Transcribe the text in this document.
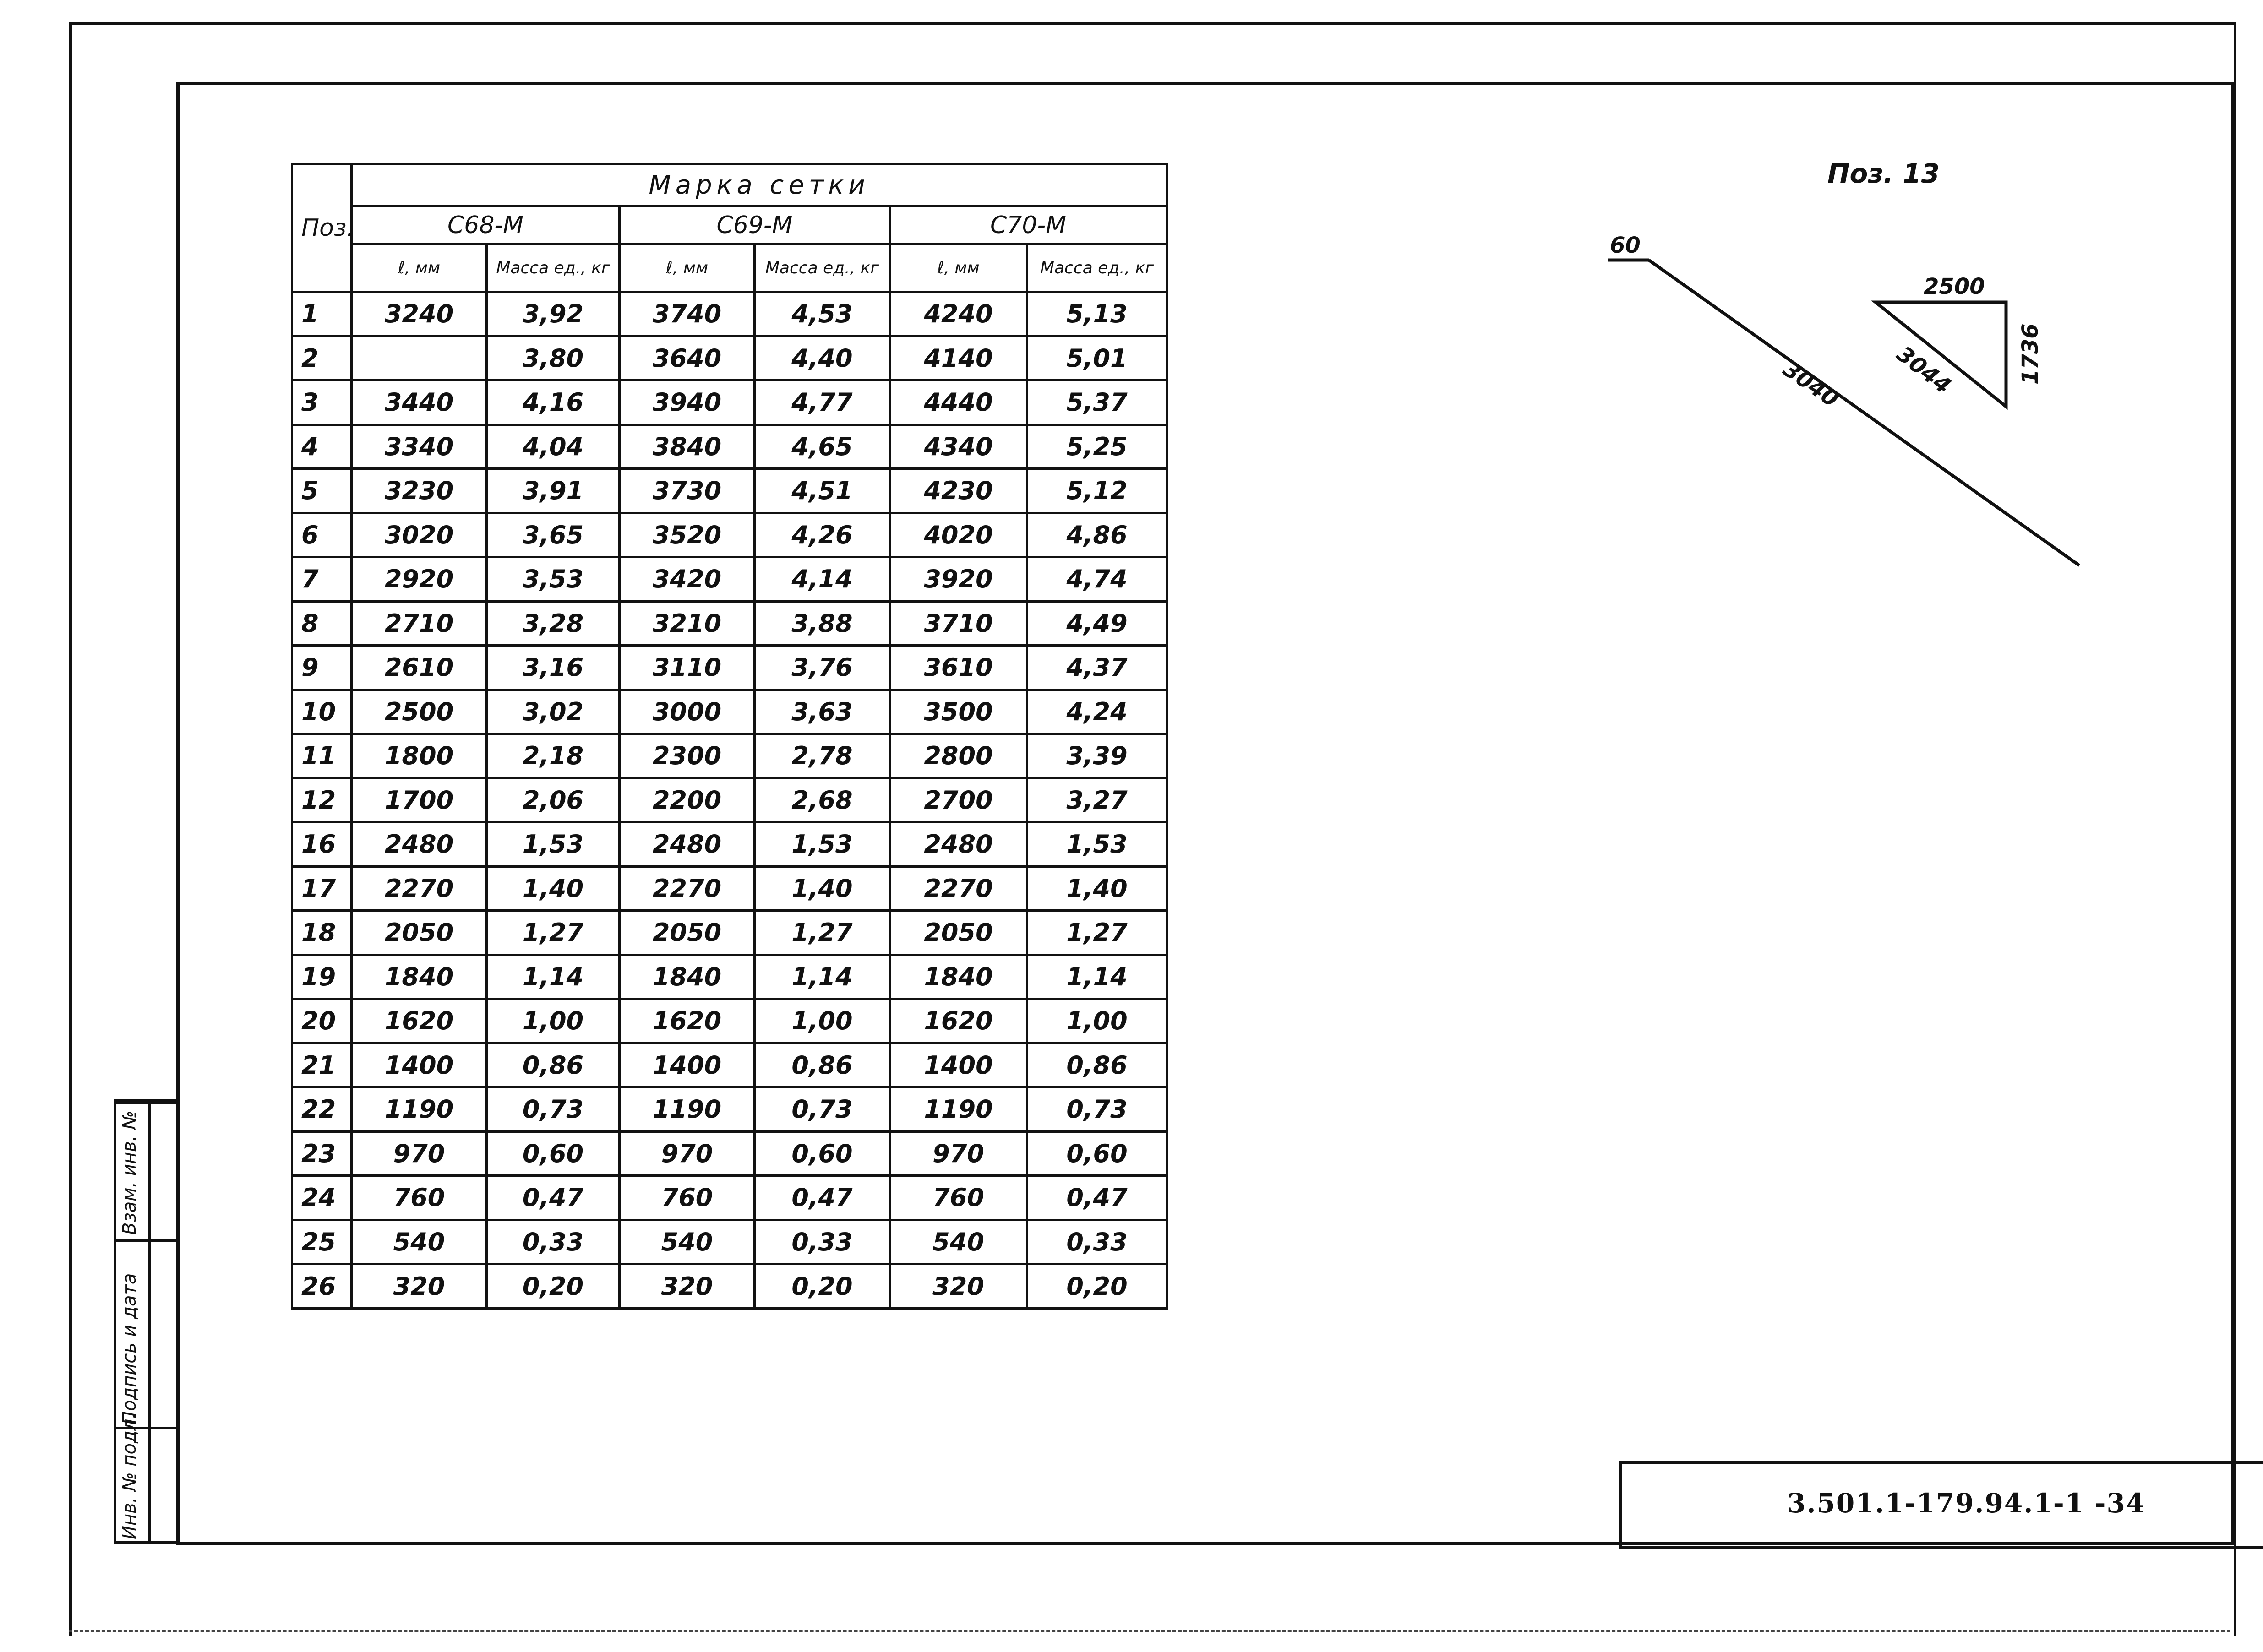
Взам. инв. №
Подпись и дата
Инв. № подл.
Поз.	Марка сетки					
	С68-М		С69-М		С70-М	
	ℓ, мм	Масса ед., кг	ℓ, мм	Масса ед., кг	ℓ, мм	Масса ед., кг
1	3240	3,92	3740	4,53	4240	5,13
2		3,80	3640	4,40	4140	5,01
3	3440	4,16	3940	4,77	4440	5,37
4	3340	4,04	3840	4,65	4340	5,25
5	3230	3,91	3730	4,51	4230	5,12
6	3020	3,65	3520	4,26	4020	4,86
7	2920	3,53	3420	4,14	3920	4,74
8	2710	3,28	3210	3,88	3710	4,49
9	2610	3,16	3110	3,76	3610	4,37
10	2500	3,02	3000	3,63	3500	4,24
11	1800	2,18	2300	2,78	2800	3,39
12	1700	2,06	2200	2,68	2700	3,27
16	2480	1,53	2480	1,53	2480	1,53
17	2270	1,40	2270	1,40	2270	1,40
18	2050	1,27	2050	1,27	2050	1,27
19	1840	1,14	1840	1,14	1840	1,14
20	1620	1,00	1620	1,00	1620	1,00
21	1400	0,86	1400	0,86	1400	0,86
22	1190	0,73	1190	0,73	1190	0,73
23	970	0,60	970	0,60	970	0,60
24	760	0,47	760	0,47	760	0,47
25	540	0,33	540	0,33	540	0,33
26	320	0,20	320	0,20	320	0,20
Поз. 13
60
3040
2500
3044	1736
3.501.1-179.94.1-1 -34
